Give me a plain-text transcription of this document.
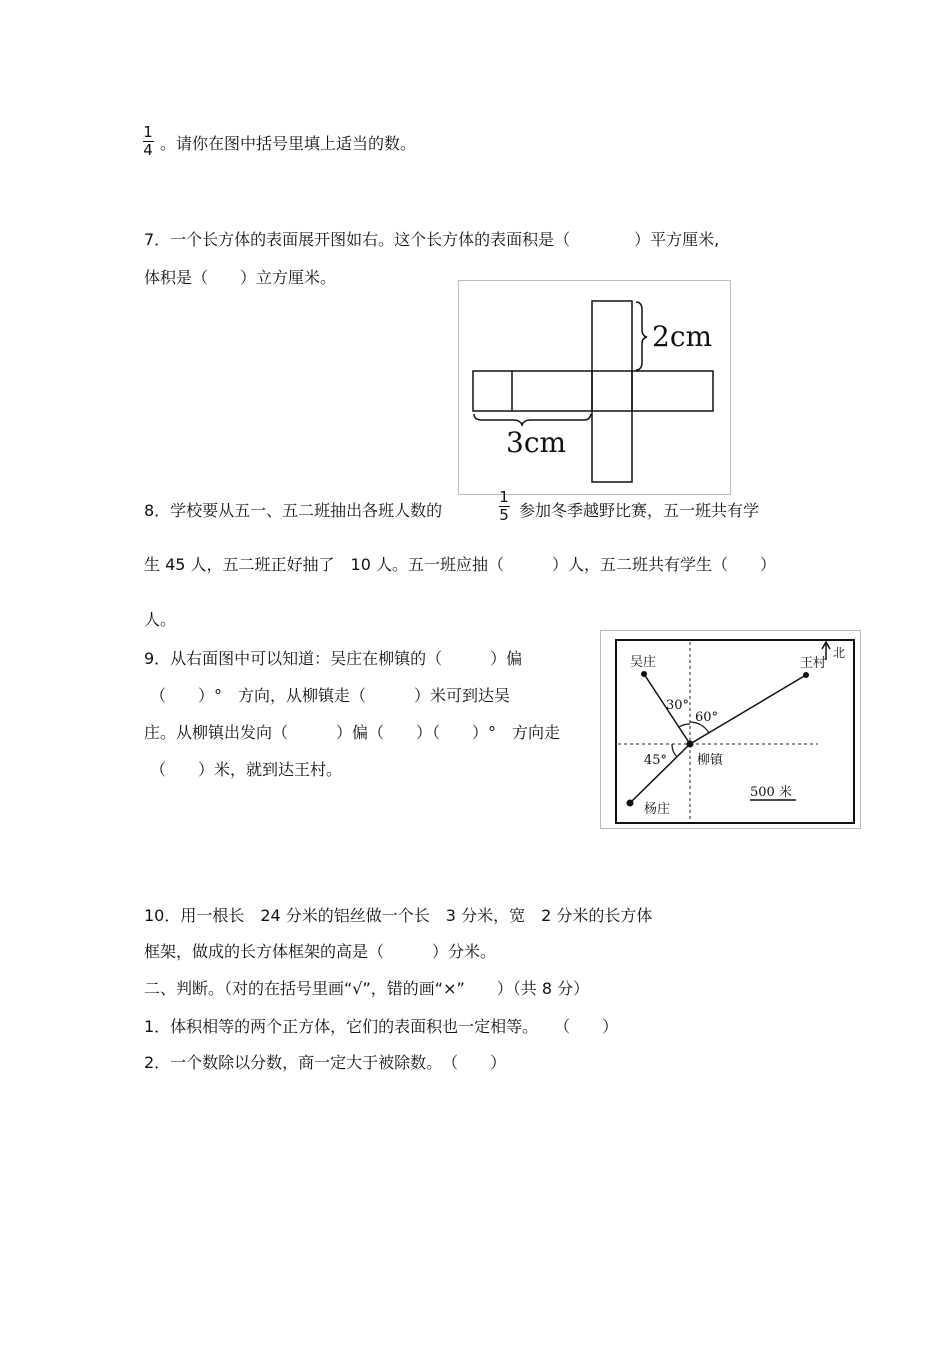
1
4 。请你在图中括号里填上适当的数。
7．一个长方体的表面展开图如右。这个长方体的表面积是（　　　　）平方厘米,
体积是（　　）立方厘米。
2cm
3cm
8．学校要从五一、五二班抽出各班人数的
1
5 参加冬季越野比赛，五一班共有学
生 45 人，五二班正好抽了　10 人。五一班应抽（　　　）人，五二班共有学生（　　）
人。
9．从右面图中可以知道：吴庄在柳镇的（　　　）偏
（　　）°　方向，从柳镇走（　　　）米可到达吴
庄。从柳镇出发向（　　　）偏（　　）（　　）°　方向走
（　　）米，就到达王村。
北
吴庄	王村
柳镇
杨庄
30°
60°
45°
500 米
10．用一根长　24 分米的铝丝做一个长　3 分米，宽　2 分米的长方体
框架，做成的长方体框架的高是（　　　）分米。
二、判断。（对的在括号里画“√”，错的画“×”　　）（共 8 分）
1．体积相等的两个正方体，它们的表面积也一定相等。　　（　　）
2．一个数除以分数，商一定大于被除数。　（　　）
